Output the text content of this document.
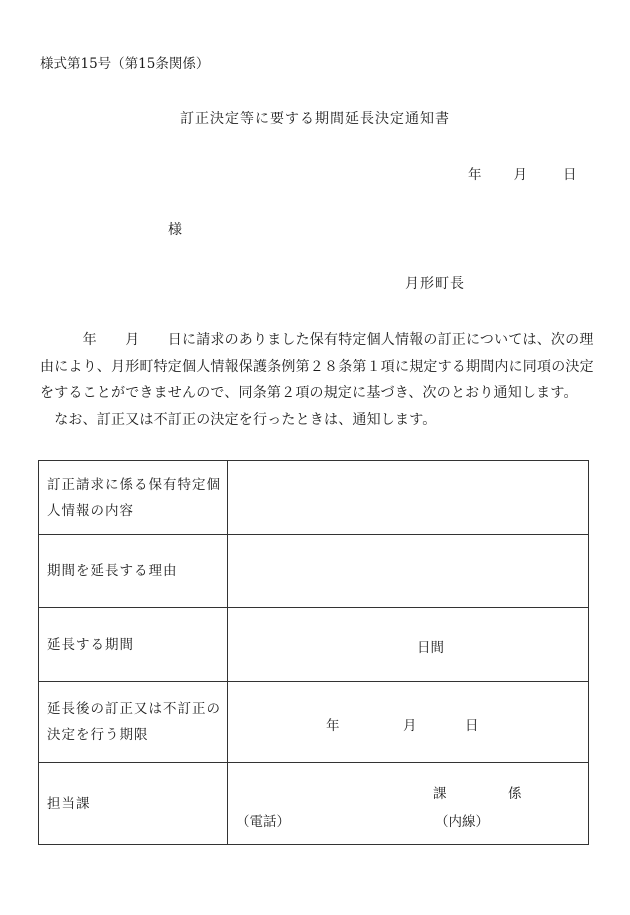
様式第15号（第15条関係）
訂正決定等に要する期間延長決定通知書
年 月	日
様
月形町長

　　　年　　月　　日に請求のありました保有特定個人情報の訂正については、次の理由により、月形町特定個人情報保護条例第２８条第１項に規定する期間内に同項の決定をすることができませんので、同条第２項の規定に基づき、次のとおり通知します。

　なお、訂正又は不訂正の決定を行ったときは、通知します。

訂正請求に係る保有特定個人情報の内容	
期間を延長する理由	
延長する期間	日間

延長後の訂正又は不訂正の決定を行う期限	年 月 日

担当課	課 係
（電話） （内線）
